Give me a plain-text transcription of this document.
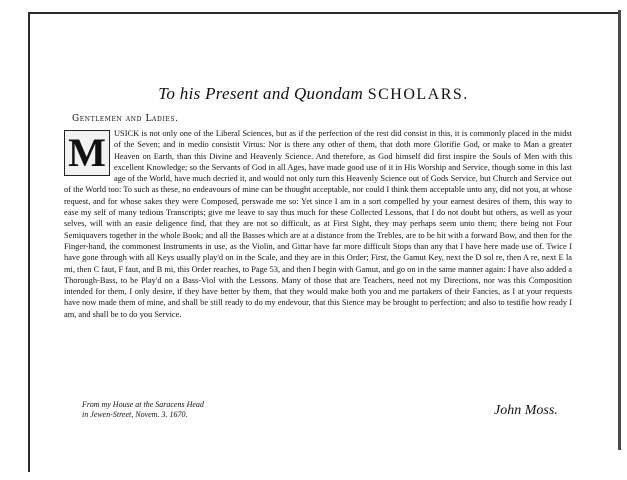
To his Present and Quondam SCHOLARS.
Gentlemen and Ladies.
M USICK is not only one of the Liberal Sciences, but as if the perfection of the rest did consist in this, it is commonly placed in the midst of the Seven; and in medio consistit Virtus: Nor is there any other of them, that doth more Glorifie God, or make to Man a greater Heaven on Earth, than this Divine and Heavenly Science. And therefore, as God himself did first inspire the Souls of Men with this excellent Knowledge; so the Servants of God in all Ages, have made good use of it in His Worship and Service, though some in this last age of the World, have much decried it, and would not only turn this Heavenly Science out of Gods Service, but Church and Service out of the World too: To such as these, no endeavours of mine can be thought acceptable, nor could I think them acceptable unto any, did not you, at whose request, and for whose sakes they were Composed, perswade me so: Yet since I am in a sort compelled by your earnest desires of them, this way to ease my self of many tedious Transcripts; give me leave to say thus much for these Collected Lessons, that I do not doubt but others, as well as your selves, will with an easie deligence find, that they are not so difficult, as at First Sight, they may perhaps seem unto them; there being not Four Semiquavers together in the whole Book; and all the Basses which are at a distance from the Trebles, are to be hit with a forward Bow, and then for the Finger-hand, the commonest Instruments in use, as the Violin, and Gittar have far more difficult Stops than any that I have here made use of. Twice I have gone through with all Keys usually play'd on in the Scale, and they are in this Order; First, the Gamut Key, next the D sol re, then A re, next E la mi, then C faut, F faut, and B mi, this Order reaches, to Page 53, and then I begin with Gamut, and go on in the same manner again: I have also added a Thorough-Bass, to be Play'd on a Bass-Viol with the Lessons. Many of those that are Teachers, need not my Directions, nor was this Composition intended for them, I only desire, if they have better by them, that they would make both you and me partakers of their Fancies, as I at your requests have now made them of mine, and shall be still ready to do my endevour, that this Sience may be brought to perfection; and also to testifie how ready I am, and shall be to do you Service.

From my House at the Saracens Head
in Jewen-Street, Novem. 3. 1670.	John Moss.
